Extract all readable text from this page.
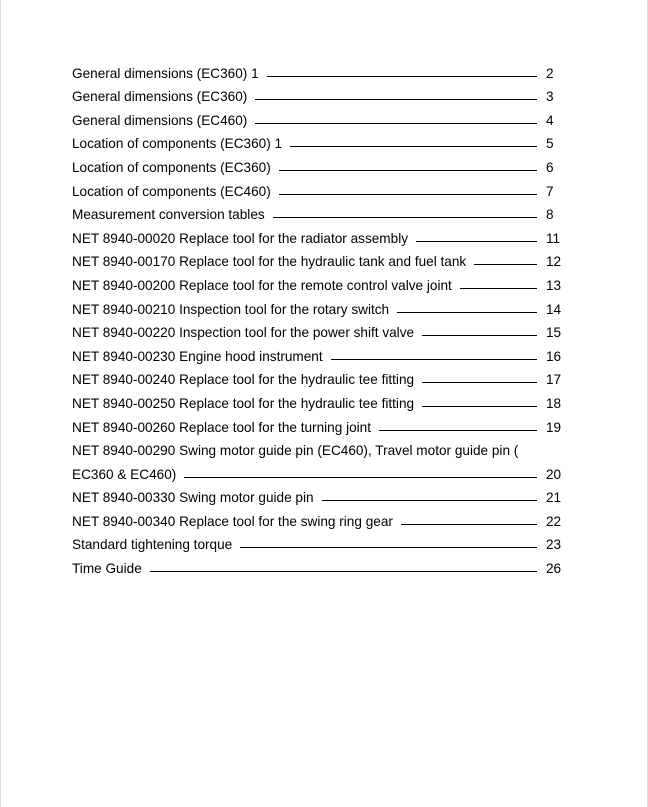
General dimensions (EC360) 1	2
General dimensions (EC360)	3
General dimensions (EC460)	4
Location of components (EC360) 1	5
Location of components (EC360)	6
Location of components (EC460)	7
Measurement conversion tables	8
NET 8940-00020 Replace tool for the radiator assembly	11
NET 8940-00170 Replace tool for the hydraulic tank and fuel tank	12
NET 8940-00200 Replace tool for the remote control valve joint	13
NET 8940-00210 Inspection tool for the rotary switch	14
NET 8940-00220 Inspection tool for the power shift valve	15
NET 8940-00230 Engine hood instrument	16
NET 8940-00240 Replace tool for the hydraulic tee fitting	17
NET 8940-00250 Replace tool for the hydraulic tee fitting	18
NET 8940-00260 Replace tool for the turning joint	19
NET 8940-00290 Swing motor guide pin (EC460), Travel motor guide pin (
EC360 & EC460)	20
NET 8940-00330 Swing motor guide pin	21
NET 8940-00340 Replace tool for the swing ring gear	22
Standard tightening torque	23
Time Guide	26
